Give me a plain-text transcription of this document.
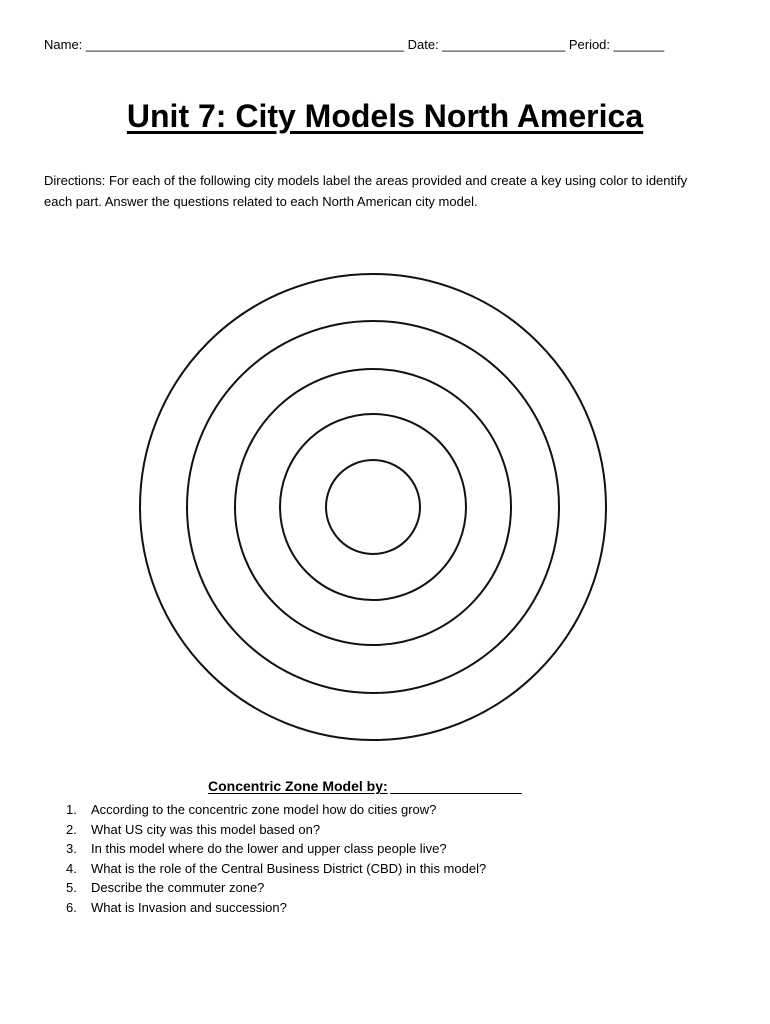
Name: ____________________________________________ Date: _________________ Period: _______
Unit 7: City Models North America
Directions: For each of the following city models label the areas provided and create a key using color to identify each part. Answer the questions related to each North American city model.
Concentric Zone Model by:
1. According to the concentric zone model how do cities grow?
2. What US city was this model based on?
3. In this model where do the lower and upper class people live?
4. What is the role of the Central Business District (CBD) in this model?
5. Describe the commuter zone?
6. What is Invasion and succession?
